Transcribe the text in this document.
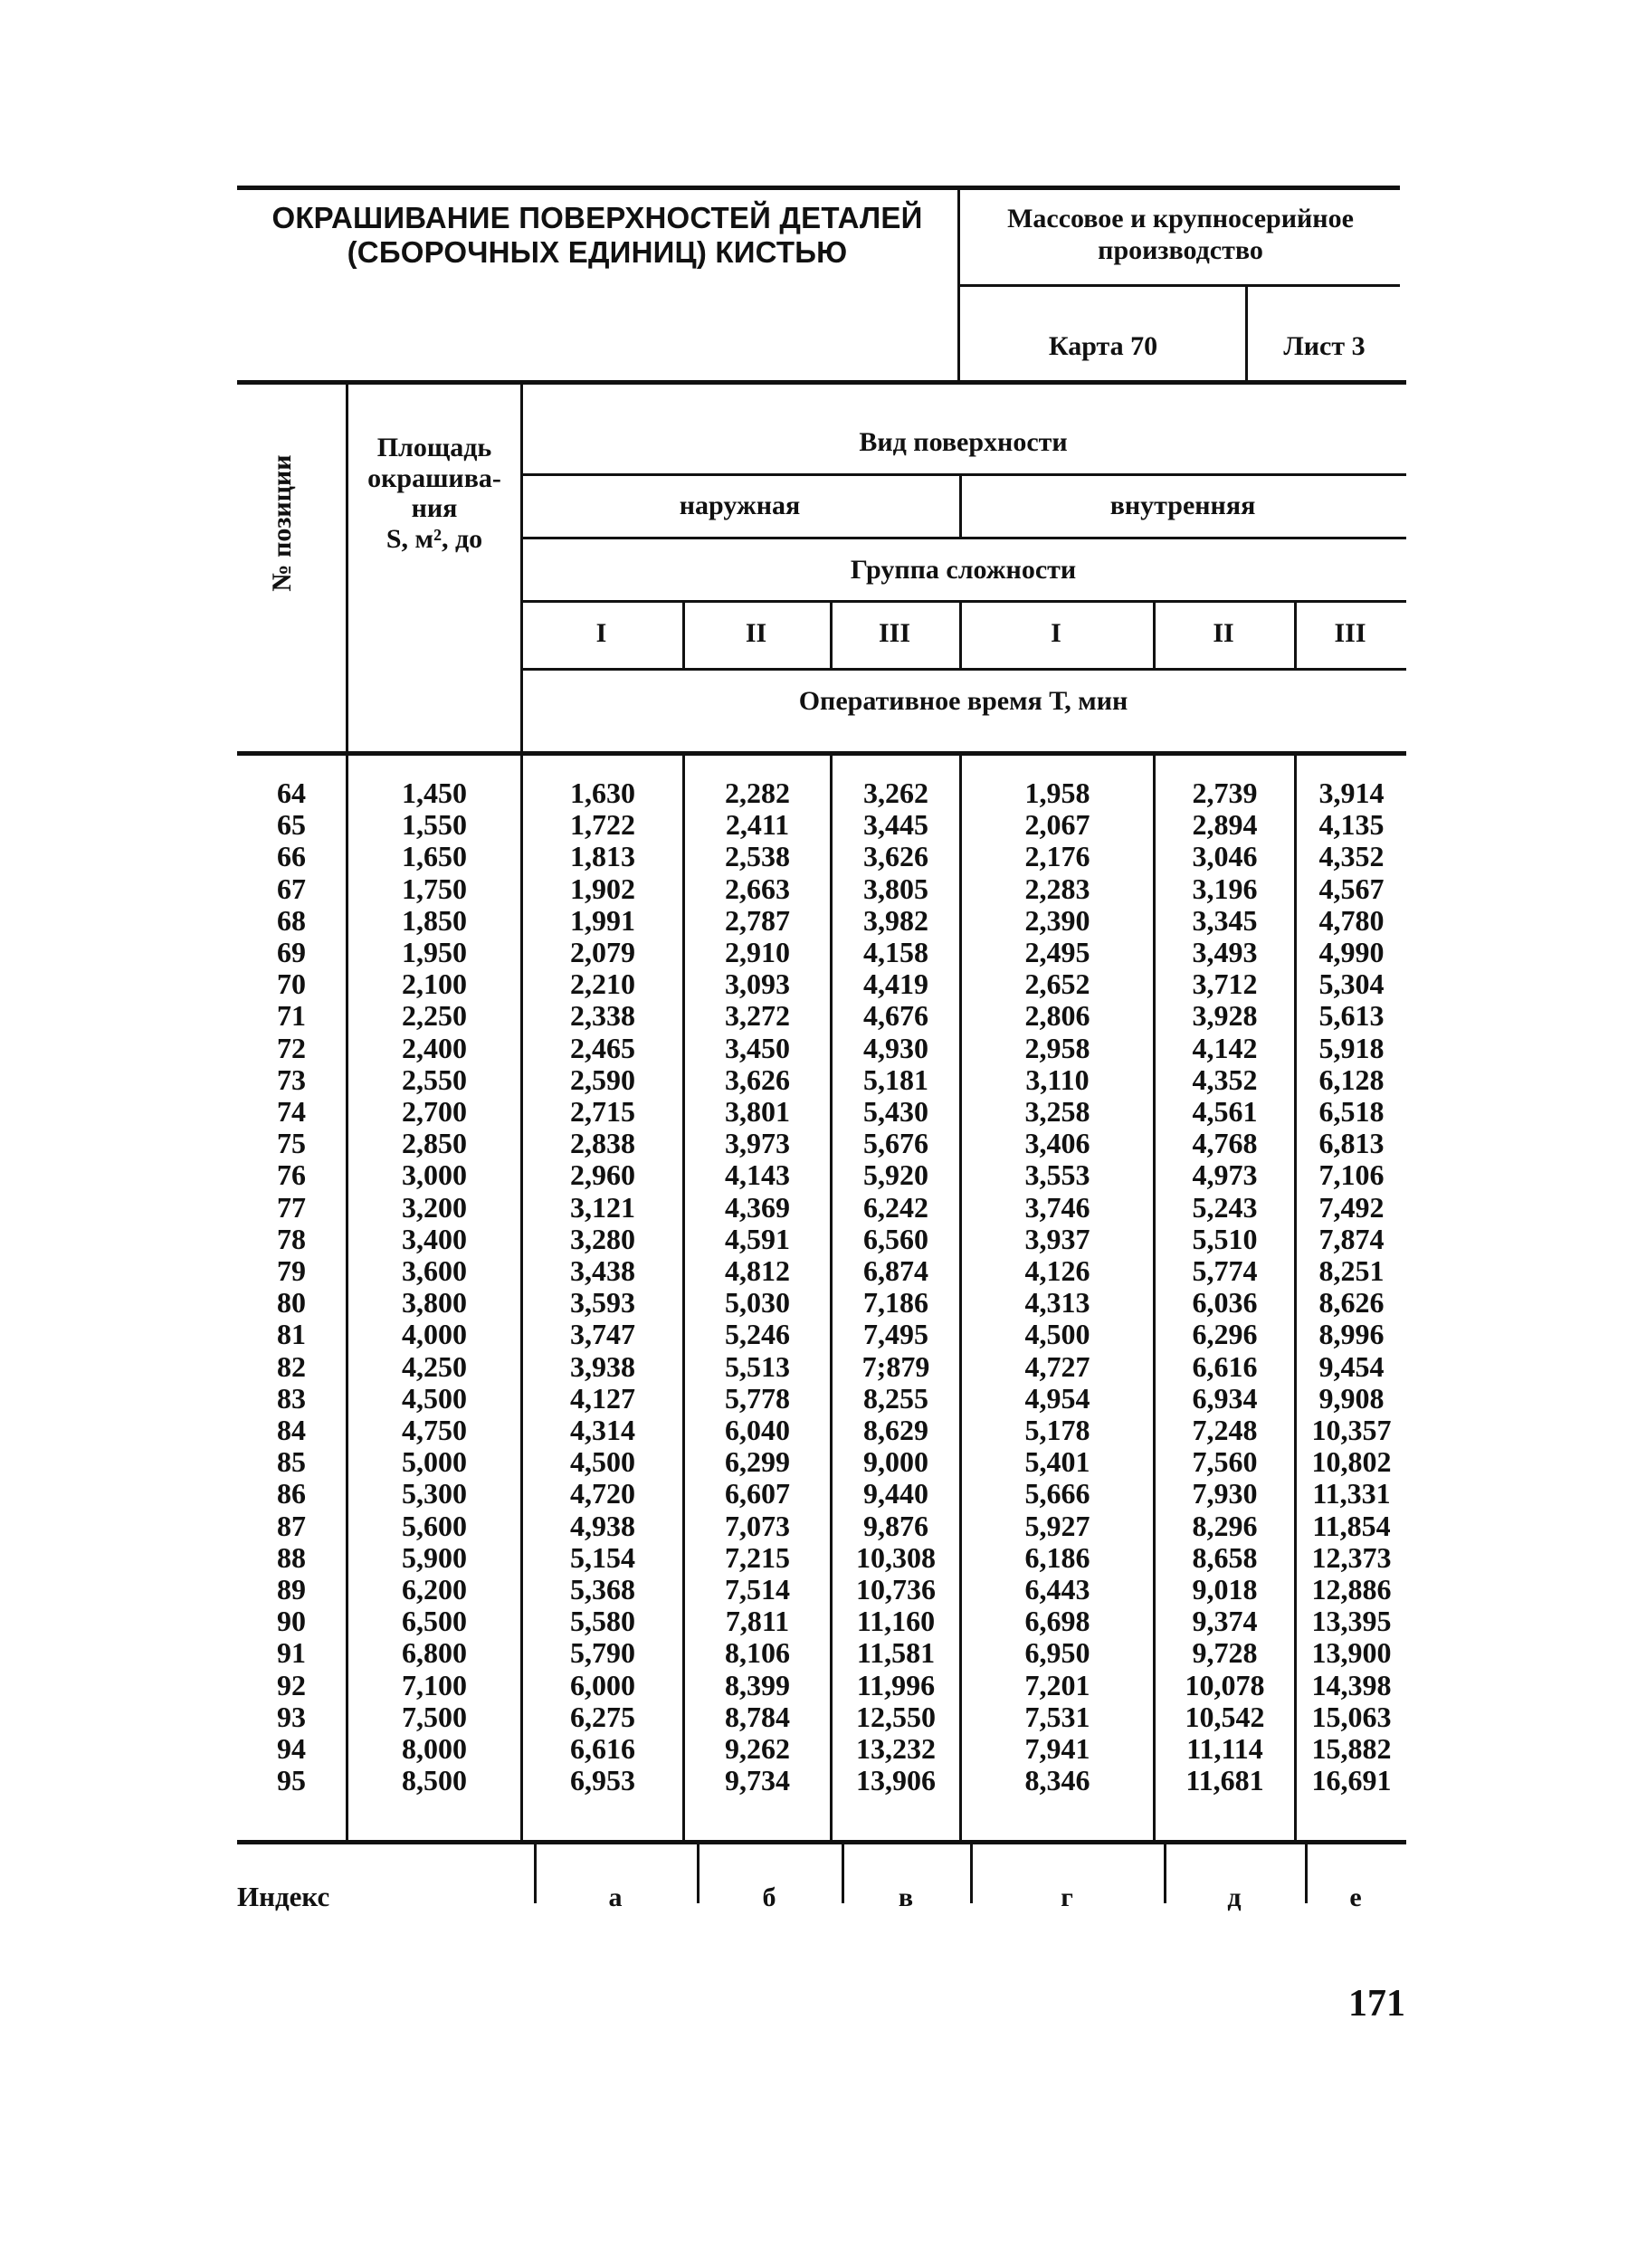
ОКРАШИВАНИЕ ПОВЕРХНОСТЕЙ ДЕТАЛЕЙ
(СБОРОЧНЫХ ЕДИНИЦ) КИСТЬЮ
Массовое и крупносерийное
производство
Карта 70	Лист 3
№ позиции
Площадь
окрашива-
ния
S, м², до
Вид поверхности
наружная	внутренняя
Группа сложности
I	II	III	I	II	III
Оперативное время Т, мин
64	1,450	1,630	2,282	3,262	1,958	2,739	3,914
65	1,550	1,722	2,411	3,445	2,067	2,894	4,135
66	1,650	1,813	2,538	3,626	2,176	3,046	4,352
67	1,750	1,902	2,663	3,805	2,283	3,196	4,567
68	1,850	1,991	2,787	3,982	2,390	3,345	4,780
69	1,950	2,079	2,910	4,158	2,495	3,493	4,990
70	2,100	2,210	3,093	4,419	2,652	3,712	5,304
71	2,250	2,338	3,272	4,676	2,806	3,928	5,613
72	2,400	2,465	3,450	4,930	2,958	4,142	5,918
73	2,550	2,590	3,626	5,181	3,110	4,352	6,128
74	2,700	2,715	3,801	5,430	3,258	4,561	6,518
75	2,850	2,838	3,973	5,676	3,406	4,768	6,813
76	3,000	2,960	4,143	5,920	3,553	4,973	7,106
77	3,200	3,121	4,369	6,242	3,746	5,243	7,492
78	3,400	3,280	4,591	6,560	3,937	5,510	7,874
79	3,600	3,438	4,812	6,874	4,126	5,774	8,251
80	3,800	3,593	5,030	7,186	4,313	6,036	8,626
81	4,000	3,747	5,246	7,495	4,500	6,296	8,996
82	4,250	3,938	5,513	7;879	4,727	6,616	9,454
83	4,500	4,127	5,778	8,255	4,954	6,934	9,908
84	4,750	4,314	6,040	8,629	5,178	7,248	10,357
85	5,000	4,500	6,299	9,000	5,401	7,560	10,802
86	5,300	4,720	6,607	9,440	5,666	7,930	11,331
87	5,600	4,938	7,073	9,876	5,927	8,296	11,854
88	5,900	5,154	7,215	10,308	6,186	8,658	12,373
89	6,200	5,368	7,514	10,736	6,443	9,018	12,886
90	6,500	5,580	7,811	11,160	6,698	9,374	13,395
91	6,800	5,790	8,106	11,581	6,950	9,728	13,900
92	7,100	6,000	8,399	11,996	7,201	10,078	14,398
93	7,500	6,275	8,784	12,550	7,531	10,542	15,063
94	8,000	6,616	9,262	13,232	7,941	11,114	15,882
95	8,500	6,953	9,734	13,906	8,346	11,681	16,691
Индекс	а	б	в	г	д	е
171
